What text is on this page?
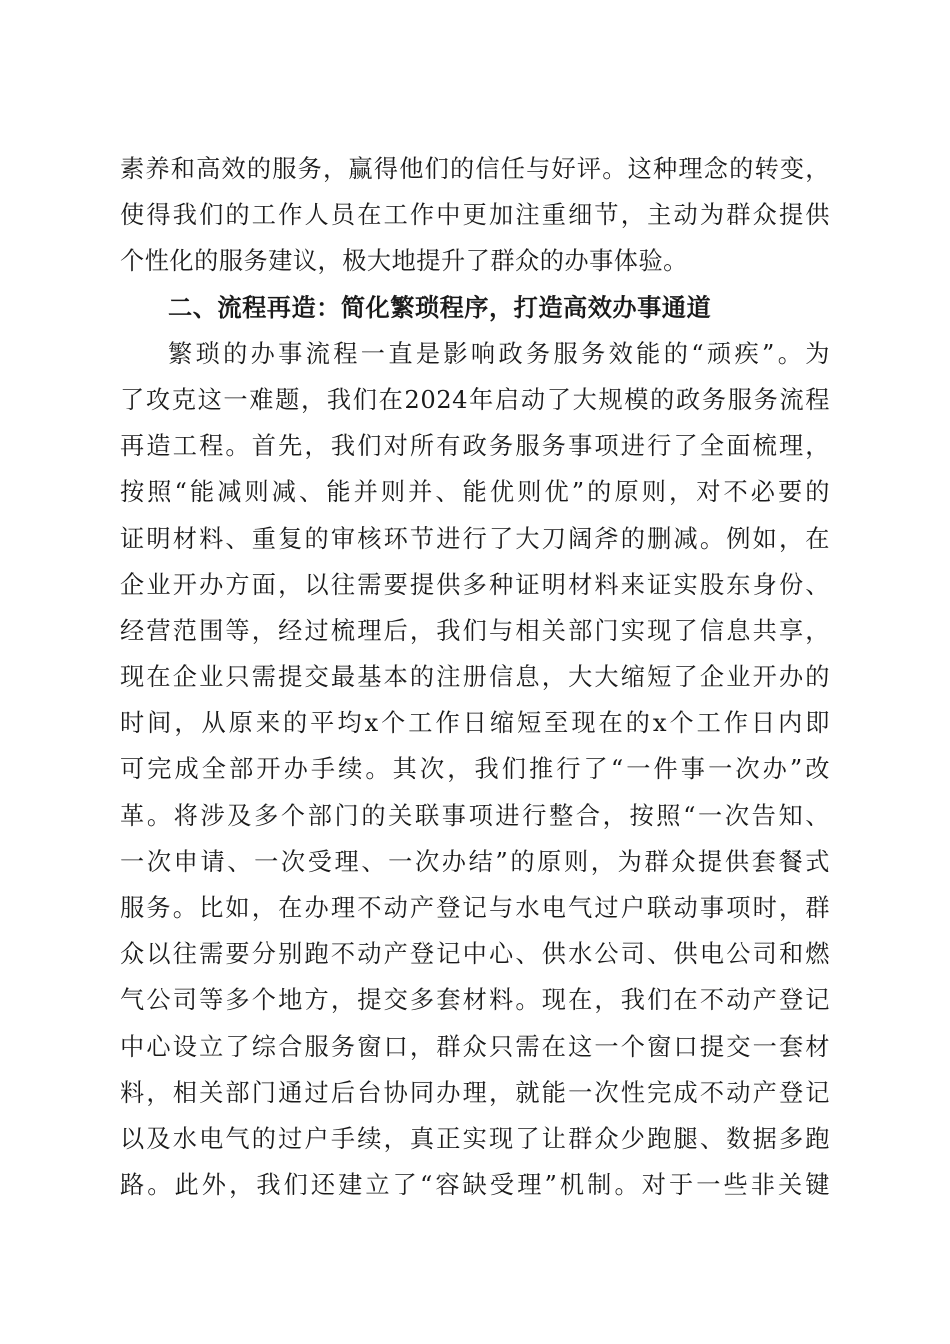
素养和高效的服务，赢得他们的信任与好评。这种理念的转变，
使得我们的工作人员在工作中更加注重细节，主动为群众提供
个性化的服务建议，极大地提升了群众的办事体验。
二、流程再造：简化繁琐程序，打造高效办事通道
繁琐的办事流程一直是影响政务服务效能的“顽疾”。为
了攻克这一难题，我们在2024年启动了大规模的政务服务流程
再造工程。首先，我们对所有政务服务事项进行了全面梳理，
按照“能减则减、能并则并、能优则优”的原则，对不必要的
证明材料、重复的审核环节进行了大刀阔斧的删减。例如，在
企业开办方面，以往需要提供多种证明材料来证实股东身份、
经营范围等，经过梳理后，我们与相关部门实现了信息共享，
现在企业只需提交最基本的注册信息，大大缩短了企业开办的
时间，从原来的平均x个工作日缩短至现在的x个工作日内即
可完成全部开办手续。其次，我们推行了“一件事一次办”改
革。将涉及多个部门的关联事项进行整合，按照“一次告知、
一次申请、一次受理、一次办结”的原则，为群众提供套餐式
服务。比如，在办理不动产登记与水电气过户联动事项时，群
众以往需要分别跑不动产登记中心、供水公司、供电公司和燃
气公司等多个地方，提交多套材料。现在，我们在不动产登记
中心设立了综合服务窗口，群众只需在这一个窗口提交一套材
料，相关部门通过后台协同办理，就能一次性完成不动产登记
以及水电气的过户手续，真正实现了让群众少跑腿、数据多跑
路。此外，我们还建立了“容缺受理”机制。对于一些非关键
